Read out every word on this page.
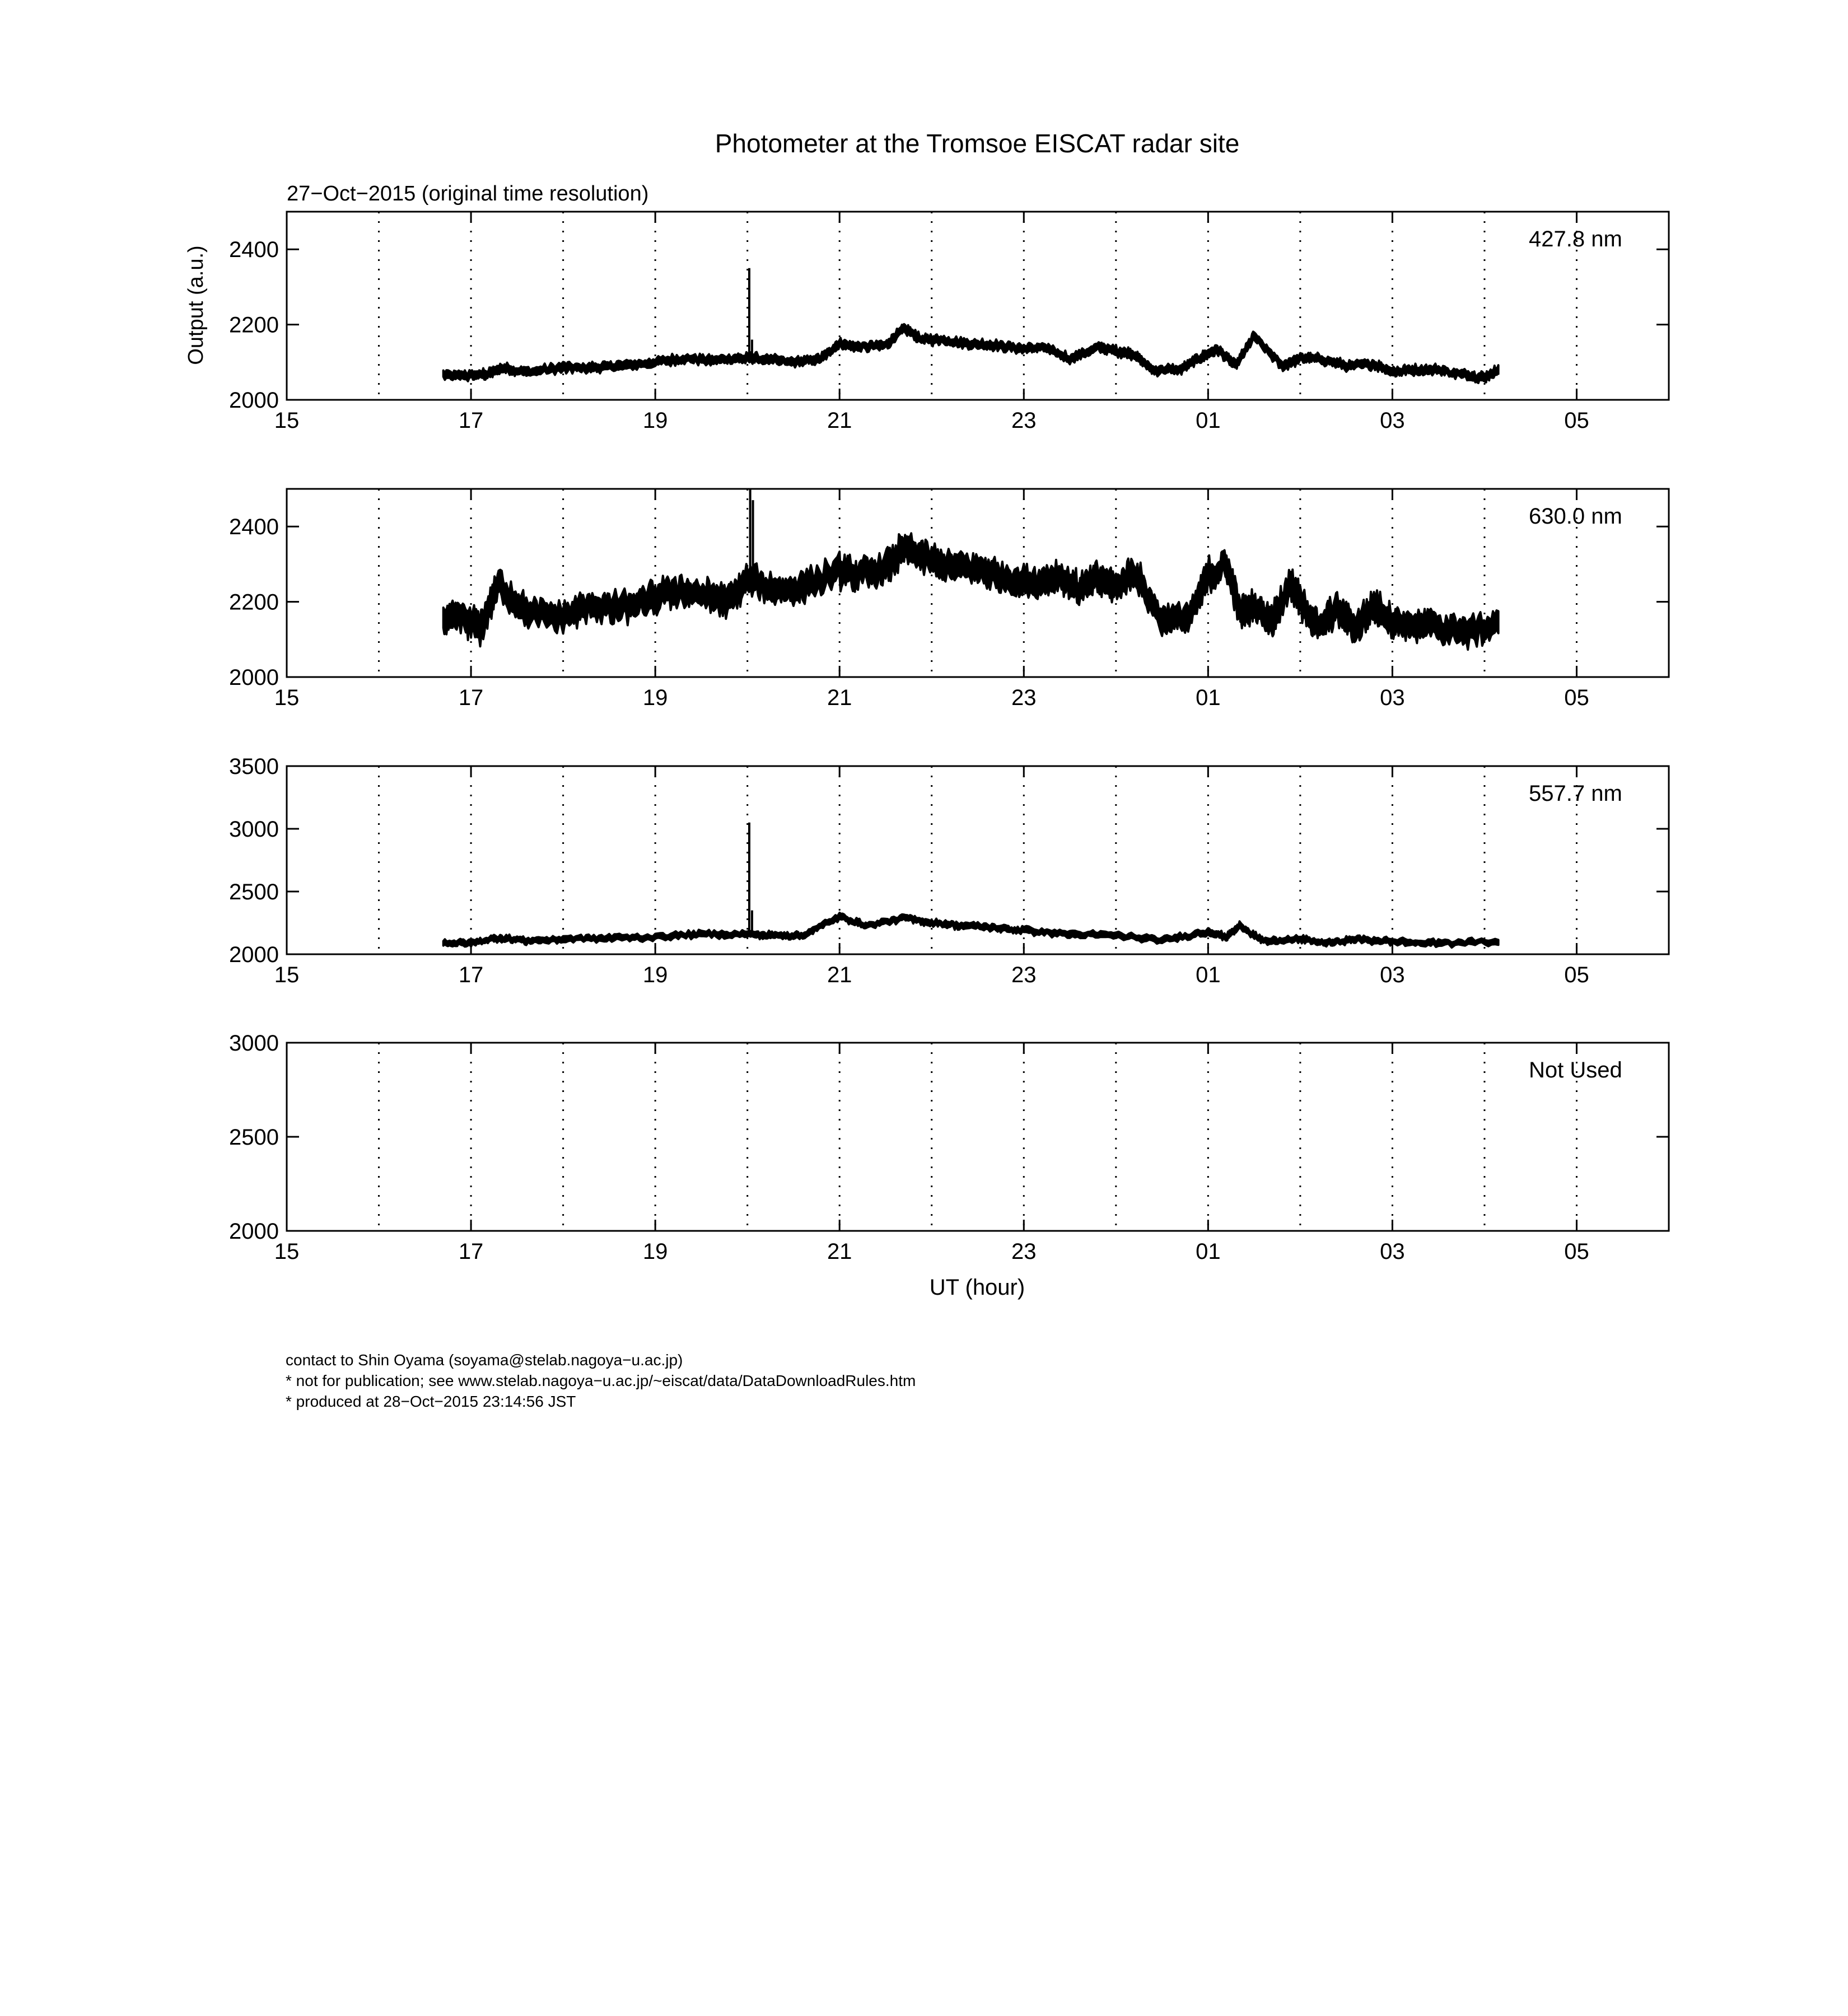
Photometer at the Tromsoe EISCAT radar site
27−Oct−2015 (original time resolution)
Output (a.u.)
UT (hour)
15	17	19	21	23	01	03	05
2000
2200
2400	427.8 nm
15	17	19	21	23	01	03	05
2000
2200
2400	630.0 nm
15	17	19	21	23	01	03	05
2000
2500
3000
3500
557.7 nm
15	17	19	21	23	01	03	05
2000
2500
3000
Not Used
contact to Shin Oyama (soyama@stelab.nagoya−u.ac.jp)
* not for publication; see www.stelab.nagoya−u.ac.jp/~eiscat/data/DataDownloadRules.htm
* produced at 28−Oct−2015 23:14:56 JST
